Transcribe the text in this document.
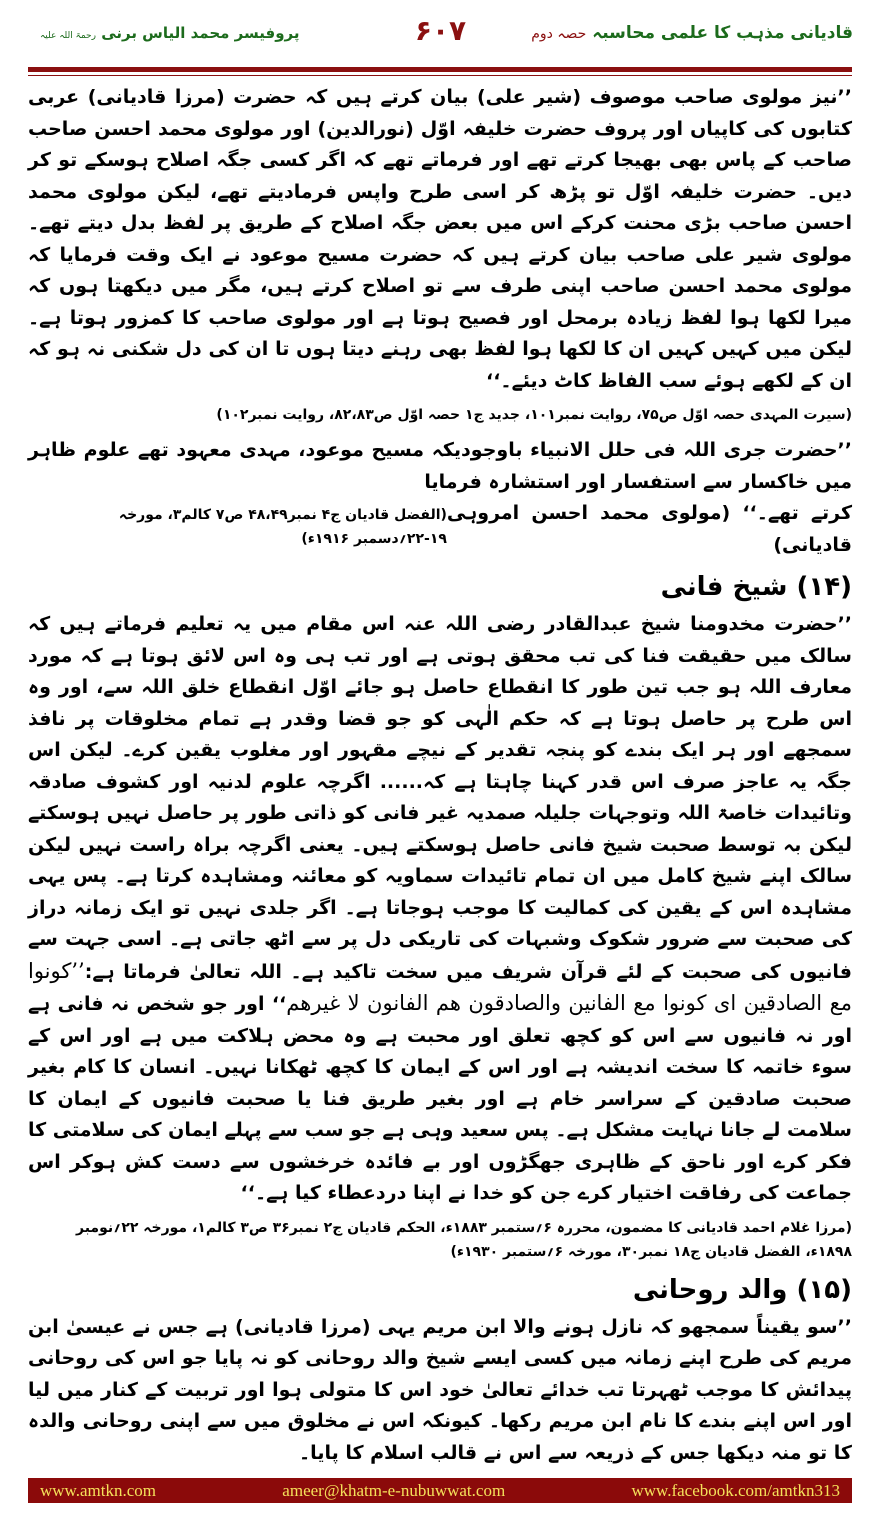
قادیانی مذہب کا علمی محاسبہ حصہ دوم
۶۰۷
پروفیسر محمد الیاس برنی رحمۃ اللہ علیہ

’’نیز مولوی صاحب موصوف (شیر علی) بیان کرتے ہیں کہ حضرت (مرزا قادیانی) عربی کتابوں کی کاپیاں اور پروف حضرت خلیفہ اوّل (نورالدین) اور مولوی محمد احسن صاحب صاحب کے پاس بھی بھیجا کرتے تھے اور فرماتے تھے کہ اگر کسی جگہ اصلاح ہوسکے تو کر دیں۔ حضرت خلیفہ اوّل تو پڑھ کر اسی طرح واپس فرمادیتے تھے، لیکن مولوی محمد احسن صاحب بڑی محنت کرکے اس میں بعض جگہ اصلاح کے طریق پر لفظ بدل دیتے تھے۔ مولوی شیر علی صاحب بیان کرتے ہیں کہ حضرت مسیح موعود نے ایک وقت فرمایا کہ مولوی محمد احسن صاحب اپنی طرف سے تو اصلاح کرتے ہیں، مگر میں دیکھتا ہوں کہ میرا لکھا ہوا لفظ زیادہ برمحل اور فصیح ہوتا ہے اور مولوی صاحب کا کمزور ہوتا ہے۔ لیکن میں کہیں کہیں ان کا لکھا ہوا لفظ بھی رہنے دیتا ہوں تا ان کی دل شکنی نہ ہو کہ ان کے لکھے ہوئے سب الفاظ کاٹ دیئے۔‘‘

(سیرت المہدی حصہ اوّل ص۷۵، روایت نمبر۱۰۱، جدید ج۱ حصہ اوّل ص۸۲،۸۳، روایت نمبر۱۰۲)

’’حضرت جری اللہ فی حلل الانبیاء باوجودیکہ مسیح موعود، مہدی معہود تھے علوم ظاہر میں خاکسار سے استفسار اور استشارہ فرمایا

کرتے تھے۔‘‘ (مولوی محمد احسن امروہی قادیانی)

(الفضل قادیان ج۴ نمبر۴۸،۴۹ ص۷ کالم۳، مورخہ ۱۹-۲۲؍دسمبر ۱۹۱۶ء)

(۱۴) شیخ فانی

’’حضرت مخدومنا شیخ عبدالقادر رضی اللہ عنہ اس مقام میں یہ تعلیم فرماتے ہیں کہ سالک میں حقیقت فنا کی تب محقق ہوتی ہے اور تب ہی وہ اس لائق ہوتا ہے کہ مورد معارف اللہ ہو جب تین طور کا انقطاع حاصل ہو جائے اوّل انقطاع خلق اللہ سے، اور وہ اس طرح پر حاصل ہوتا ہے کہ حکم الٰہی کو جو قضا وقدر ہے تمام مخلوقات پر نافذ سمجھے اور ہر ایک بندے کو پنجہ تقدیر کے نیچے مقہور اور مغلوب یقین کرے۔ لیکن اس جگہ یہ عاجز صرف اس قدر کہنا چاہتا ہے کہ...... اگرچہ علوم لدنیہ اور کشوف صادقہ وتائیدات خاصۃ اللہ وتوجہات جلیلہ صمدیہ غیر فانی کو ذاتی طور پر حاصل نہیں ہوسکتے لیکن بہ توسط صحبت شیخ فانی حاصل ہوسکتے ہیں۔ یعنی اگرچہ براہ راست نہیں لیکن سالک اپنے شیخ کامل میں ان تمام تائیدات سماویہ کو معائنہ ومشاہدہ کرتا ہے۔ پس یہی مشاہدہ اس کے یقین کی کمالیت کا موجب ہوجاتا ہے۔ اگر جلدی نہیں تو ایک زمانہ دراز کی صحبت سے ضرور شکوک وشبہات کی تاریکی دل پر سے اٹھ جاتی ہے۔ اسی جہت سے فانیوں کی صحبت کے لئے قرآن شریف میں سخت تاکید ہے۔ اللہ تعالیٰ فرماتا ہے:’’کونوا مع الصادقین ای کونوا مع الفانین والصادقون هم الفانون لا غيرهم‘‘ اور جو شخص نہ فانی ہے اور نہ فانیوں سے اس کو کچھ تعلق اور محبت ہے وہ محض ہلاکت میں ہے اور اس کے سوء خاتمہ کا سخت اندیشہ ہے اور اس کے ایمان کا کچھ ٹھکانا نہیں۔ انسان کا کام بغیر صحبت صادقین کے سراسر خام ہے اور بغیر طریق فنا یا صحبت فانیوں کے ایمان کا سلامت لے جانا نہایت مشکل ہے۔ پس سعید وہی ہے جو سب سے پہلے ایمان کی سلامتی کا فکر کرے اور ناحق کے ظاہری جھگڑوں اور بے فائدہ خرخشوں سے دست کش ہوکر اس جماعت کی رفاقت اختیار کرے جن کو خدا نے اپنا دردعطاء کیا ہے۔‘‘

(مرزا غلام احمد قادیانی کا مضمون، محررہ ۶؍ستمبر ۱۸۸۳ء، الحکم قادیان ج۲ نمبر۳۶ ص۳ کالم۱، مورخہ ۲۲؍نومبر ۱۸۹۸ء، الفضل قادیان ج۱۸ نمبر۳۰، مورخہ ۶؍ستمبر ۱۹۳۰ء)

(۱۵) والد روحانی

’’سو یقیناً سمجھو کہ نازل ہونے والا ابن مریم یہی (مرزا قادیانی) ہے جس نے عیسیٰ ابن مریم کی طرح اپنے زمانہ میں کسی ایسے شیخ والد روحانی کو نہ پایا جو اس کی روحانی پیدائش کا موجب ٹھہرتا تب خدائے تعالیٰ خود اس کا متولی ہوا اور تربیت کے کنار میں لیا اور اس اپنے بندے کا نام ابن مریم رکھا۔ کیونکہ اس نے مخلوق میں سے اپنی روحانی والدہ کا تو منہ دیکھا جس کے ذریعہ سے اس نے قالب اسلام کا پایا۔

www.amtkn.com	ameer@khatm-e-nubuwwat.com	www.facebook.com/amtkn313
